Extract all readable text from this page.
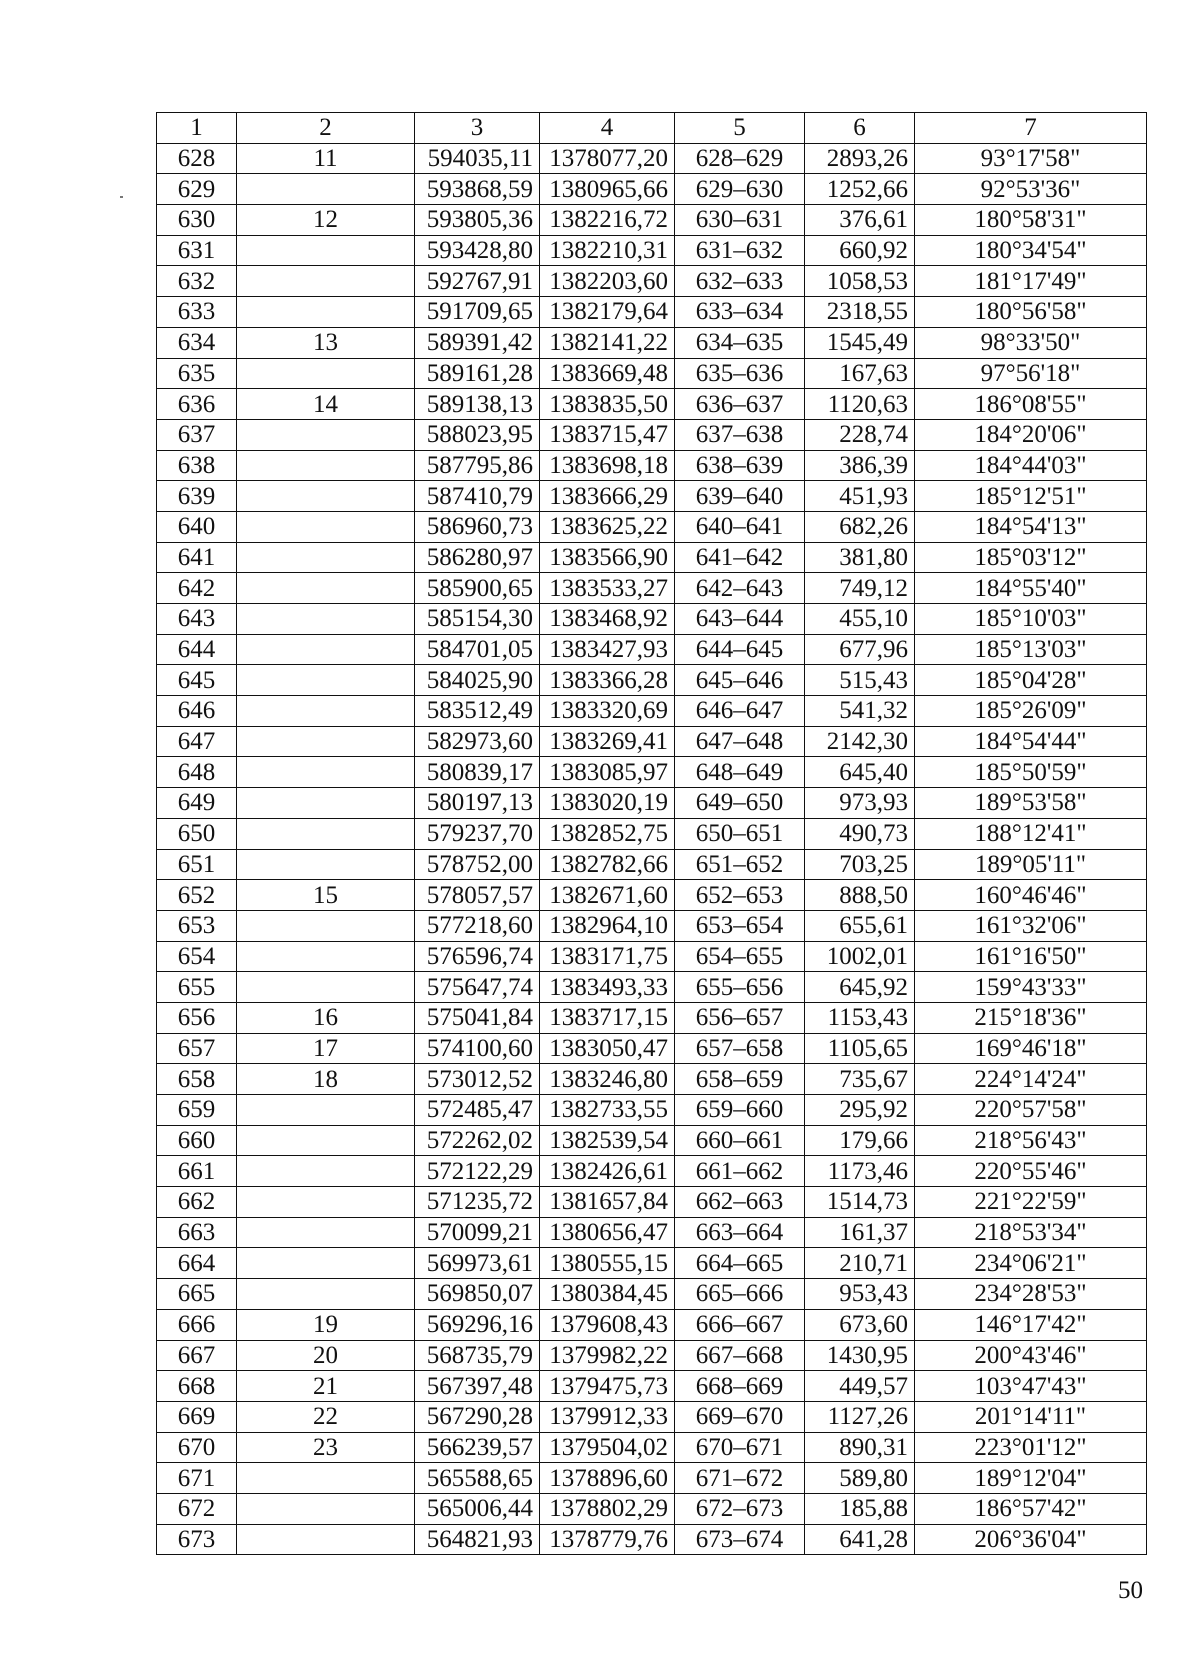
1	2	3	4	5	6	7
628	11	594035,11	1378077,20	628–629	2893,26	93°17'58"
629		593868,59	1380965,66	629–630	1252,66	92°53'36"
630	12	593805,36	1382216,72	630–631	376,61	180°58'31"
631		593428,80	1382210,31	631–632	660,92	180°34'54"
632		592767,91	1382203,60	632–633	1058,53	181°17'49"
633		591709,65	1382179,64	633–634	2318,55	180°56'58"
634	13	589391,42	1382141,22	634–635	1545,49	98°33'50"
635		589161,28	1383669,48	635–636	167,63	97°56'18"
636	14	589138,13	1383835,50	636–637	1120,63	186°08'55"
637		588023,95	1383715,47	637–638	228,74	184°20'06"
638		587795,86	1383698,18	638–639	386,39	184°44'03"
639		587410,79	1383666,29	639–640	451,93	185°12'51"
640		586960,73	1383625,22	640–641	682,26	184°54'13"
641		586280,97	1383566,90	641–642	381,80	185°03'12"
642		585900,65	1383533,27	642–643	749,12	184°55'40"
643		585154,30	1383468,92	643–644	455,10	185°10'03"
644		584701,05	1383427,93	644–645	677,96	185°13'03"
645		584025,90	1383366,28	645–646	515,43	185°04'28"
646		583512,49	1383320,69	646–647	541,32	185°26'09"
647		582973,60	1383269,41	647–648	2142,30	184°54'44"
648		580839,17	1383085,97	648–649	645,40	185°50'59"
649		580197,13	1383020,19	649–650	973,93	189°53'58"
650		579237,70	1382852,75	650–651	490,73	188°12'41"
651		578752,00	1382782,66	651–652	703,25	189°05'11"
652	15	578057,57	1382671,60	652–653	888,50	160°46'46"
653		577218,60	1382964,10	653–654	655,61	161°32'06"
654		576596,74	1383171,75	654–655	1002,01	161°16'50"
655		575647,74	1383493,33	655–656	645,92	159°43'33"
656	16	575041,84	1383717,15	656–657	1153,43	215°18'36"
657	17	574100,60	1383050,47	657–658	1105,65	169°46'18"
658	18	573012,52	1383246,80	658–659	735,67	224°14'24"
659		572485,47	1382733,55	659–660	295,92	220°57'58"
660		572262,02	1382539,54	660–661	179,66	218°56'43"
661		572122,29	1382426,61	661–662	1173,46	220°55'46"
662		571235,72	1381657,84	662–663	1514,73	221°22'59"
663		570099,21	1380656,47	663–664	161,37	218°53'34"
664		569973,61	1380555,15	664–665	210,71	234°06'21"
665		569850,07	1380384,45	665–666	953,43	234°28'53"
666	19	569296,16	1379608,43	666–667	673,60	146°17'42"
667	20	568735,79	1379982,22	667–668	1430,95	200°43'46"
668	21	567397,48	1379475,73	668–669	449,57	103°47'43"
669	22	567290,28	1379912,33	669–670	1127,26	201°14'11"
670	23	566239,57	1379504,02	670–671	890,31	223°01'12"
671		565588,65	1378896,60	671–672	589,80	189°12'04"
672		565006,44	1378802,29	672–673	185,88	186°57'42"
673		564821,93	1378779,76	673–674	641,28	206°36'04"
50
